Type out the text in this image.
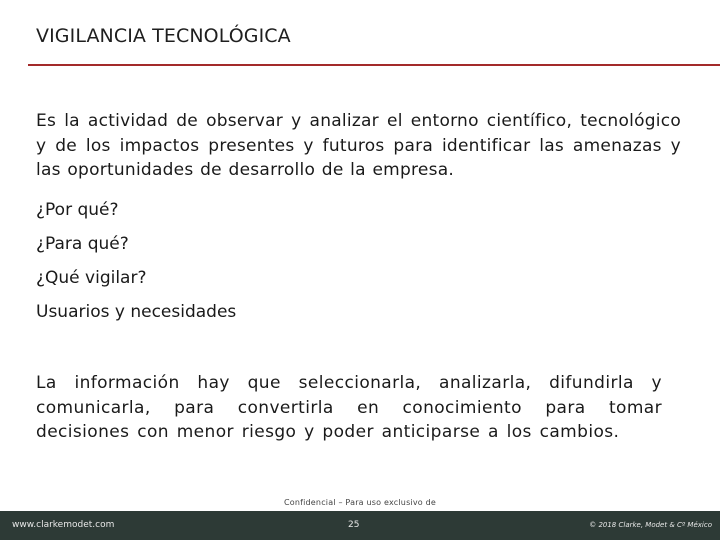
VIGILANCIA TECNOLÓGICA
Es la actividad de observar y analizar el entorno científico, tecnológico y de los impactos presentes y futuros para identificar las amenazas y las oportunidades de desarrollo de la empresa.
¿Por qué?
¿Para qué?
¿Qué vigilar?
Usuarios y necesidades
La información hay que seleccionarla, analizarla, difundirla y comunicarla, para convertirla en conocimiento para tomar decisiones con menor riesgo y poder anticiparse a los cambios.
Confidencial – Para uso exclusivo de
www.clarkemodet.com	25	© 2018 Clarke, Modet & Cº México
